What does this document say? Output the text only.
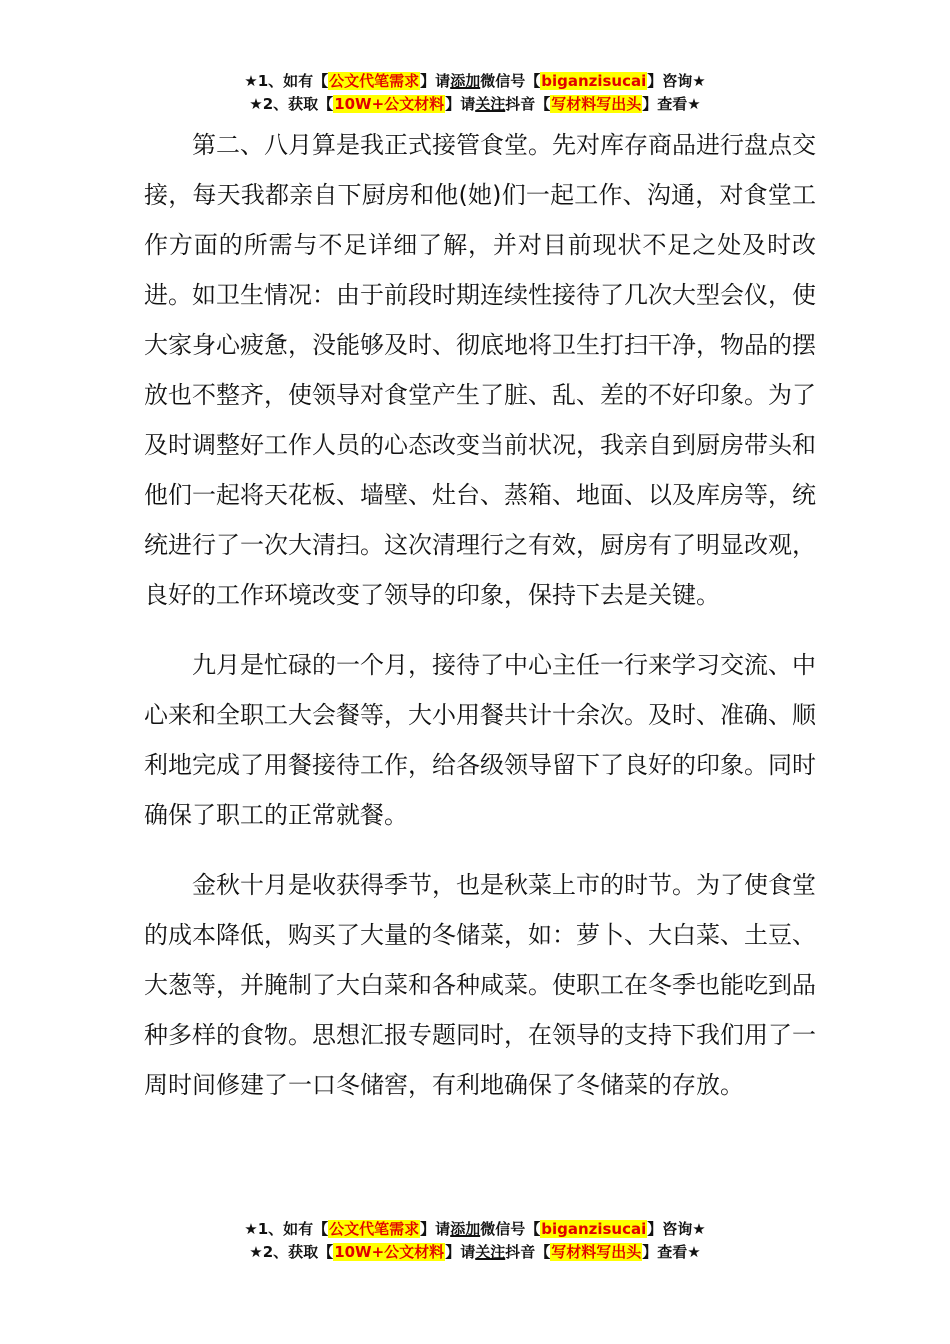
★1、如有【公文代笔需求】请添加微信号【biganzisucai】咨询★
★2、获取【10W+公文材料】请关注抖音【写材料写出头】查看★

第二、八月算是我正式接管食堂。先对库存商品进行盘点交接，每天我都亲自下厨房和他(她)们一起工作、沟通，对食堂工作方面的所需与不足详细了解，并对目前现状不足之处及时改进。如卫生情况：由于前段时期连续性接待了几次大型会仪，使大家身心疲惫，没能够及时、彻底地将卫生打扫干净，物品的摆放也不整齐，使领导对食堂产生了脏、乱、差的不好印象。为了及时调整好工作人员的心态改变当前状况，我亲自到厨房带头和他们一起将天花板、墙壁、灶台、蒸箱、地面、以及库房等，统统进行了一次大清扫。这次清理行之有效，厨房有了明显改观，良好的工作环境改变了领导的印象，保持下去是关键。

九月是忙碌的一个月，接待了中心主任一行来学习交流、中心来和全职工大会餐等，大小用餐共计十余次。及时、准确、顺利地完成了用餐接待工作，给各级领导留下了良好的印象。同时确保了职工的正常就餐。

金秋十月是收获得季节，也是秋菜上市的时节。为了使食堂的成本降低，购买了大量的冬储菜，如：萝卜、大白菜、土豆、大葱等，并腌制了大白菜和各种咸菜。使职工在冬季也能吃到品种多样的食物。思想汇报专题同时，在领导的支持下我们用了一周时间修建了一口冬储窖，有利地确保了冬储菜的存放。

★1、如有【公文代笔需求】请添加微信号【biganzisucai】咨询★
★2、获取【10W+公文材料】请关注抖音【写材料写出头】查看★
